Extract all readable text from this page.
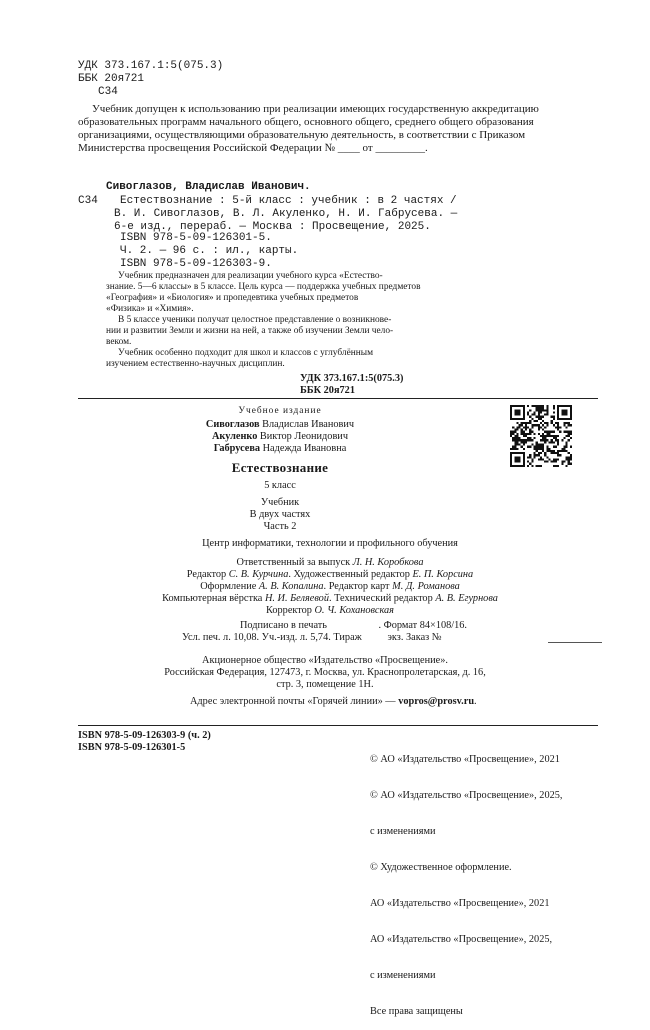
УДК 373.167.1:5(075.3)
ББК 20я721
С34
Учебник допущен к использованию при реализации имеющих государственную аккредитацию
образовательных программ начального общего, основного общего, среднего общего образования
организациями, осуществляющими образовательную деятельность, в соответствии с Приказом
Министерства просвещения Российской Федерации № ____ от _________.
Сивоглазов, Владислав Иванович.
С34	Естествознание : 5-й класс : учебник : в 2 частях /
В. И. Сивоглазов, В. Л. Акуленко, Н. И. Габрусева. —
6-е изд., перераб. — Москва : Просвещение, 2025.
ISBN 978-5-09-126301-5.
Ч. 2. — 96 с. : ил., карты.
ISBN 978-5-09-126303-9.
Учебник предназначен для реализации учебного курса «Естество-
знание. 5—6 классы» в 5 классе. Цель курса — поддержка учебных предметов
«География» и «Биология» и пропедевтика учебных предметов
«Физика» и «Химия».
В 5 классе ученики получат целостное представление о возникнове-
нии и развитии Земли и жизни на ней, а также об изучении Земли чело-
веком.
Учебник особенно подходит для школ и классов с углублённым
изучением естественно-научных дисциплин.
УДК 373.167.1:5(075.3)
ББК 20я721
Учебное издание
Сивоглазов Владислав Иванович
Акуленко Виктор Леонидович
Габрусева Надежда Ивановна
Естествознание
5 класс
Учебник
В двух частях
Часть 2
Центр информатики, технологии и профильного обучения
Ответственный за выпуск Л. Н. Коробкова
Редактор С. В. Курчина. Художественный редактор Е. П. Корсина
Оформление А. В. Копалина. Редактор карт М. Д. Романова
Компьютерная вёрстка Н. И. Беляевой. Технический редактор А. В. Егурнова
Корректор О. Ч. Кохановская
Подписано в печать                    . Формат 84×108/16.
Усл. печ. л. 10,08. Уч.-изд. л. 5,74. Тираж          экз. Заказ №
Акционерное общество «Издательство «Просвещение».
Российская Федерация, 127473, г. Москва, ул. Краснопролетарская, д. 16,
стр. 3, помещение 1Н.
Адрес электронной почты «Горячей линии» — vopros@prosv.ru.
ISBN 978-5-09-126303-9 (ч. 2)
ISBN 978-5-09-126301-5

© АО «Издательство «Просвещение», 2021

© АО «Издательство «Просвещение», 2025,

с изменениями

© Художественное оформление.

АО «Издательство «Просвещение», 2021

АО «Издательство «Просвещение», 2025,

с изменениями

Все права защищены
